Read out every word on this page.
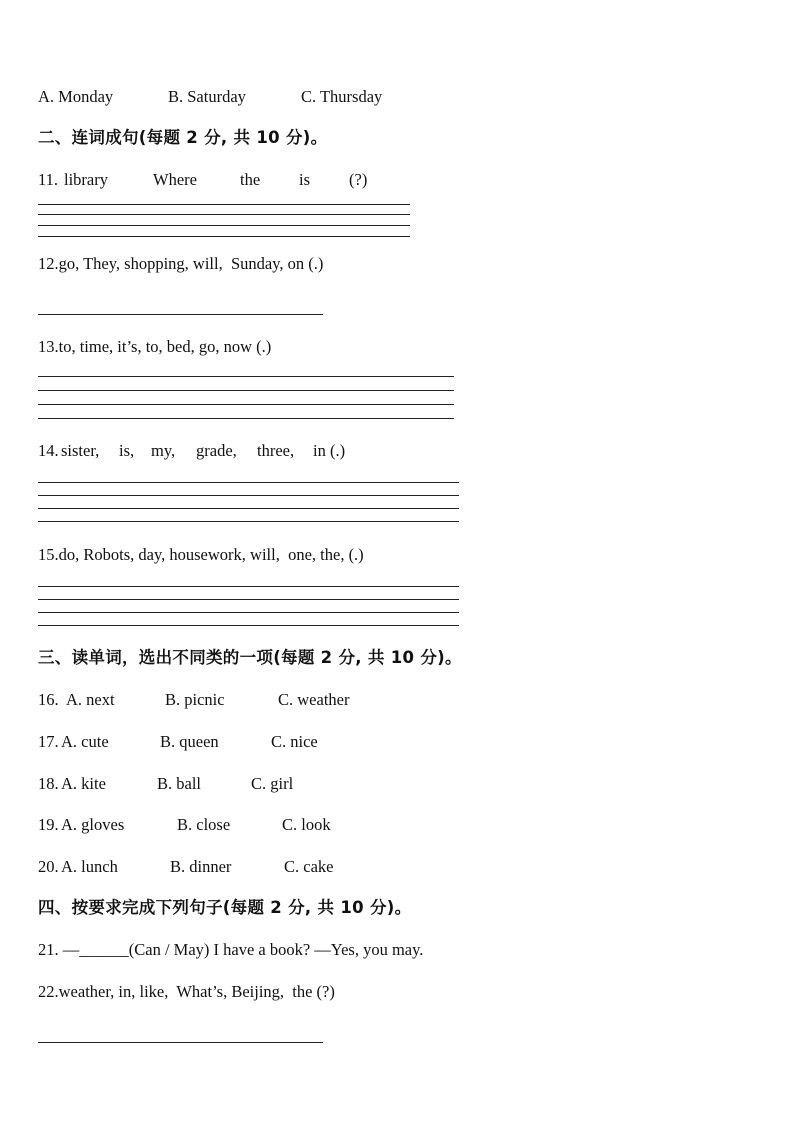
A. Monday	B. Saturday	C. Thursday
二、连词成句(每题 2 分, 共 10 分)。
11. library	Where	the is (?)
12.go, They, shopping, will,  Sunday, on (.)
13.to, time, it’s, to, bed, go, now (.)
14. sister, is, my, grade, three, in (.)
15.do, Robots, day, housework, will,  one, the, (.)
三、读单词，选出不同类的一项(每题 2 分, 共 10 分)。
16. A. next	B. picnic	C. weather
17. A. cute	B. queen	C. nice
18. A. kite	B. ball	C. girl
19. A. gloves	B. close	C. look
20. A. lunch	B. dinner	C. cake
四、按要求完成下列句子(每题 2 分, 共 10 分)。
21. —______(Can / May) I have a book? —Yes, you may.
22.weather, in, like,  What’s, Beijing,  the (?)
